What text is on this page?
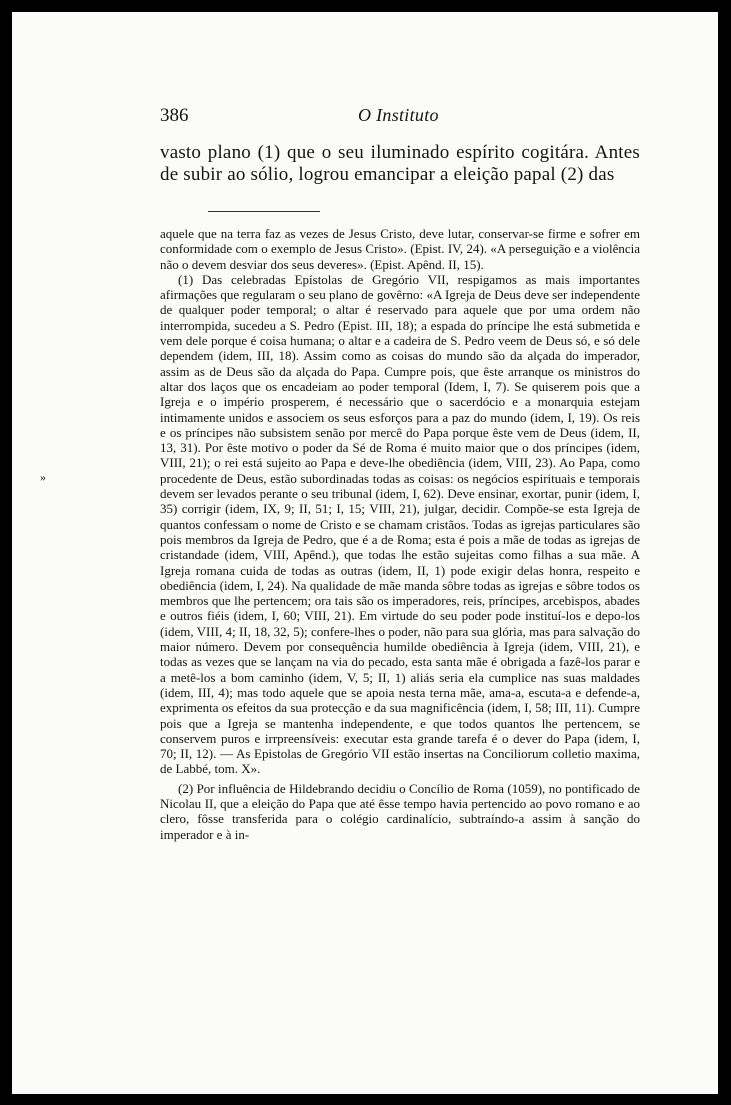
386	O Instituto
vasto plano (1) que o seu iluminado espírito cogitára. Antes de subir ao sólio, logrou emancipar a eleição papal (2) das

aquele que na terra faz as vezes de Jesus Cristo, deve lutar, conservar-se firme e sofrer em conformidade com o exemplo de Jesus Cristo». (Epist. IV, 24). «A perseguição e a violência não o devem desviar dos seus deveres». (Epist. Apênd. II, 15).

(1) Das celebradas Epístolas de Gregório VII, respigamos as mais importantes afirmações que regularam o seu plano de govêrno: «A Igreja de Deus deve ser independente de qualquer poder temporal; o altar é reservado para aquele que por uma ordem não interrompida, sucedeu a S. Pedro (Epist. III, 18); a espada do príncipe lhe está submetida e vem dele porque é coisa humana; o altar e a cadeira de S. Pedro veem de Deus só, e só dele dependem (idem, III, 18). Assim como as coisas do mundo são da alçada do imperador, assim as de Deus são da alçada do Papa. Cumpre pois, que êste arranque os ministros do altar dos laços que os encadeiam ao poder temporal (Idem, I, 7). Se quiserem pois que a Igreja e o império prosperem, é necessário que o sacerdócio e a monarquia estejam intimamente unidos e associem os seus esforços para a paz do mundo (idem, I, 19). Os reis e os príncipes não subsistem senão por mercê do Papa porque êste vem de Deus (idem, II, 13, 31). Por êste motivo o poder da Sé de Roma é muito maior que o dos príncipes (idem, VIII, 21); o rei está sujeito ao Papa e deve-lhe obediência (idem, VIII, 23). Ao Papa, como procedente de Deus, estão subordinadas todas as coisas: os negócios espirituais e temporais devem ser levados perante o seu tribunal (idem, I, 62). Deve ensinar, exortar, punir (idem, I, 35) corrigir (idem, IX, 9; II, 51; I, 15; VIII, 21), julgar, decidir. Compõe-se esta Igreja de quantos confessam o nome de Cristo e se chamam cristãos. Todas as igrejas particulares são pois membros da Igreja de Pedro, que é a de Roma; esta é pois a mãe de todas as igrejas de cristandade (idem, VIII, Apênd.), que todas lhe estão sujeitas como filhas a sua mãe. A Igreja romana cuida de todas as outras (idem, II, 1) pode exigir delas honra, respeito e obediência (idem, I, 24). Na qualidade de mãe manda sôbre todas as igrejas e sôbre todos os membros que lhe pertencem; ora tais são os imperadores, reis, príncipes, arcebispos, abades e outros fiéis (idem, I, 60; VIII, 21). Em virtude do seu poder pode instituí-los e depo-los (idem, VIII, 4; II, 18, 32, 5); confere-lhes o poder, não para sua glória, mas para salvação do maior número. Devem por consequência humilde obediência à Igreja (idem, VIII, 21), e todas as vezes que se lançam na via do pecado, esta santa mãe é obrigada a fazê-los parar e a metê-los a bom caminho (idem, V, 5; II, 1) aliás seria ela cumplice nas suas maldades (idem, III, 4); mas todo aquele que se apoia nesta terna mãe, ama-a, escuta-a e defende-a, exprimenta os efeitos da sua protecção e da sua magnificência (idem, I, 58; III, 11). Cumpre pois que a Igreja se mantenha independente, e que todos quantos lhe pertencem, se conservem puros e irrpreensíveis: executar esta grande tarefa é o dever do Papa (idem, I, 70; II, 12). — As Epistolas de Gregório VII estão insertas na Conciliorum colletio maxima, de Labbé, tom. X».

(2) Por influência de Hildebrando decidiu o Concílio de Roma (1059), no pontificado de Nicolau II, que a eleição do Papa que até êsse tempo havia pertencido ao povo romano e ao clero, fôsse transferida para o colégio cardinalício, subtraíndo-a assim à sanção do imperador e à in-

»
